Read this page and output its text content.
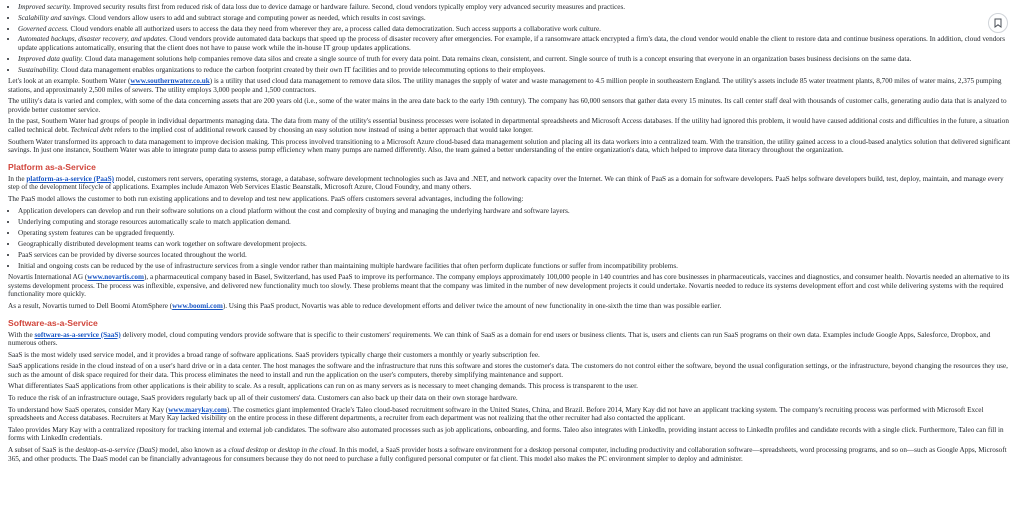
• Improved security. Improved security results first from reduced risk of data loss due to device damage or hardware failure. Second, cloud vendors typically employ very advanced security measures and practices.
• Scalability and savings. Cloud vendors allow users to add and subtract storage and computing power as needed, which results in cost savings.
• Governed access. Cloud vendors enable all authorized users to access the data they need from wherever they are, a process called data democratization. Such access supports a collaborative work culture.
• Automated backups, disaster recovery, and updates. Cloud vendors provide automated data backups that speed up the process of disaster recovery after emergencies. For example, if a ransomware attack encrypted a firm's data, the cloud vendor would enable the client to restore data and continue business operations. In addition, cloud vendors update applications automatically, ensuring that the client does not have to pause work while the in-house IT group updates applications.
• Improved data quality. Cloud data management solutions help companies remove data silos and create a single source of truth for every data point. Data remains clean, consistent, and current. Single source of truth is a concept ensuring that everyone in an organization bases business decisions on the same data.
• Sustainability. Cloud data management enables organizations to reduce the carbon footprint created by their own IT facilities and to provide telecommuting options to their employees.

Let's look at an example. Southern Water (www.southernwater.co.uk) is a utility that used cloud data management to remove data silos. The utility manages the supply of water and waste management to 4.5 million people in southeastern England. The utility's assets include 85 water treatment plants, 8,700 miles of water mains, 2,375 pumping stations, and approximately 2,500 miles of sewers. The utility employs 3,000 people and 1,500 contractors.

The utility's data is varied and complex, with some of the data concerning assets that are 200 years old (i.e., some of the water mains in the area date back to the early 19th century). The company has 60,000 sensors that gather data every 15 minutes. Its call center staff deal with thousands of customer calls, generating audio data that is analyzed to provide better customer service.

In the past, Southern Water had groups of people in individual departments managing data. The data from many of the utility's essential business processes were isolated in departmental spreadsheets and Microsoft Access databases. If the utility had ignored this problem, it would have caused additional costs and difficulties in the future, a situation called technical debt. Technical debt refers to the implied cost of additional rework caused by choosing an easy solution now instead of using a better approach that would take longer.

Southern Water transformed its approach to data management to improve decision making. This process involved transitioning to a Microsoft Azure cloud-based data management solution and placing all its data workers into a centralized team. With the transition, the utility gained access to a cloud-based analytics solution that delivered significant savings. In just one instance, Southern Water was able to integrate pump data to assess pump efficiency when many pumps are named differently. Also, the team gained a better understanding of the entire organization's data, which helped to improve data literacy throughout the organization.

Platform as-a-Service

In the platform-as-a-service (PaaS) model, customers rent servers, operating systems, storage, a database, software development technologies such as Java and .NET, and network capacity over the Internet. We can think of PaaS as a domain for software developers. PaaS helps software developers build, test, deploy, maintain, and manage every step of the development lifecycle of applications. Examples include Amazon Web Services Elastic Beanstalk, Microsoft Azure, Cloud Foundry, and many others.

The PaaS model allows the customer to both run existing applications and to develop and test new applications. PaaS offers customers several advantages, including the following:

• Application developers can develop and run their software solutions on a cloud platform without the cost and complexity of buying and managing the underlying hardware and software layers.
• Underlying computing and storage resources automatically scale to match application demand.
• Operating system features can be upgraded frequently.
• Geographically distributed development teams can work together on software development projects.
• PaaS services can be provided by diverse sources located throughout the world.
• Initial and ongoing costs can be reduced by the use of infrastructure services from a single vendor rather than maintaining multiple hardware facilities that often perform duplicate functions or suffer from incompatibility problems.

Novartis International AG (www.novartis.com), a pharmaceutical company based in Basel, Switzerland, has used PaaS to improve its performance. The company employs approximately 100,000 people in 140 countries and has core businesses in pharmaceuticals, vaccines and diagnostics, and consumer health. Novartis needed an alternative to its systems development process. The process was inflexible, expensive, and delivered new functionality much too slowly. These problems meant that the company was limited in the number of new development projects it could undertake. Novartis needed to reduce its systems development effort and cost while delivering systems with the required functionality more quickly.

As a result, Novartis turned to Dell Boomi AtomSphere (www.boomi.com). Using this PaaS product, Novartis was able to reduce development efforts and deliver twice the amount of new functionality in one-sixth the time than was possible earlier.

Software-as-a-Service

With the software-as-a-service (SaaS) delivery model, cloud computing vendors provide software that is specific to their customers' requirements. We can think of SaaS as a domain for end users or business clients. That is, users and clients can run SaaS programs on their own data. Examples include Google Apps, Salesforce, Dropbox, and numerous others.

SaaS is the most widely used service model, and it provides a broad range of software applications. SaaS providers typically charge their customers a monthly or yearly subscription fee.

SaaS applications reside in the cloud instead of on a user's hard drive or in a data center. The host manages the software and the infrastructure that runs this software and stores the customer's data. The customers do not control either the software, beyond the usual configuration settings, or the infrastructure, beyond changing the resources they use, such as the amount of disk space required for their data. This process eliminates the need to install and run the application on the user's computers, thereby simplifying maintenance and support.

What differentiates SaaS applications from other applications is their ability to scale. As a result, applications can run on as many servers as is necessary to meet changing demands. This process is transparent to the user.

To reduce the risk of an infrastructure outage, SaaS providers regularly back up all of their customers' data. Customers can also back up their data on their own storage hardware.

To understand how SaaS operates, consider Mary Kay (www.marykay.com). The cosmetics giant implemented Oracle's Taleo cloud-based recruitment software in the United States, China, and Brazil. Before 2014, Mary Kay did not have an applicant tracking system. The company's recruiting process was performed with Microsoft Excel spreadsheets and Access databases. Recruiters at Mary Kay lacked visibility on the entire process in these different departments, a recruiter from each department was not realizing that the other recruiter had also contacted the applicant.

Taleo provides Mary Kay with a centralized repository for tracking internal and external job candidates. The software also automated processes such as job applications, onboarding, and forms. Taleo also integrates with LinkedIn, providing instant access to LinkedIn profiles and candidate records with a single click. Furthermore, Taleo can fill in forms with LinkedIn credentials.

A subset of SaaS is the desktop-as-a-service (DaaS) model, also known as a cloud desktop or desktop in the cloud. In this model, a SaaS provider hosts a software environment for a desktop personal computer, including productivity and collaboration software—spreadsheets, word processing programs, and so on—such as Google Apps, Microsoft 365, and other products. The DaaS model can be financially advantageous for consumers because they do not need to purchase a fully configured personal computer or fat client. This model also makes the PC environment simpler to deploy and administer.
